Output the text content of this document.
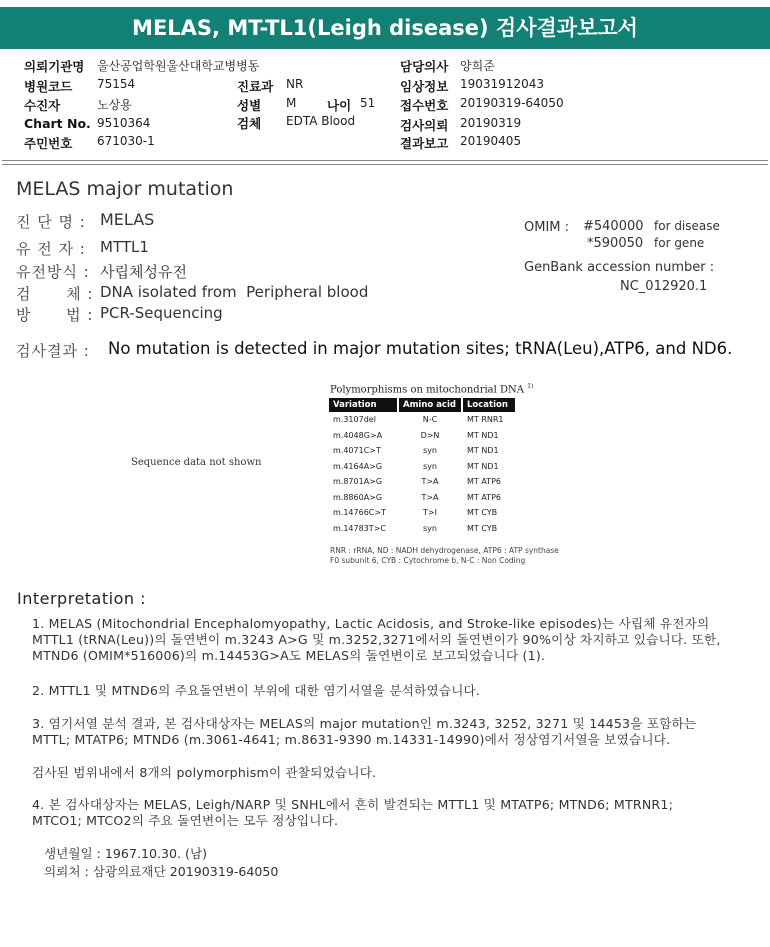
MELAS, MT-TL1(Leigh disease) 검사결과보고서
의뢰기관명 울산공업학원울산대학교병병동
병원코드 75154	진료과 NR
수진자	노상용	성별 M 나이 51
Chart No. 9510364	검체 EDTA Blood
주민번호 671030-1
담당의사 양희준
임상정보 19031912043
접수번호 20190319-64050
검사의뢰 20190319
결과보고 20190405
MELAS major mutation
진 단 명 : MELAS
유 전 자 : MTTL1
유전방식 : 사립체성유전
검      체 : DNA isolated from  Peripheral blood
방      법 : PCR-Sequencing
OMIM : #540000 for disease
*590050 for gene
GenBank accession number :
NC_012920.1
검사결과 : No mutation is detected in major mutation sites; tRNA(Leu),ATP6, and ND6.
Sequence data not shown
Polymorphisms on mitochondrial DNA $^{1)}$
Variation	Amino acid	Location
m.3107del	N-C	MT RNR1
m.4048G>A	D>N	MT ND1
m.4071C>T	syn	MT ND1
m.4164A>G	syn	MT ND1
m.8701A>G	T>A	MT ATP6
m.8860A>G	T>A	MT ATP6
m.14766C>T	T>I	MT CYB
m.14783T>C	syn	MT CYB
RNR : rRNA, ND : NADH dehydrogenase, ATP6 : ATP synthase F0 subunit 6, CYB : Cytochrome b, N-C : Non Coding
Interpretation :
1. MELAS (Mitochondrial Encephalomyopathy, Lactic Acidosis, and Stroke-like episodes)는 사립체 유전자의 MTTL1 (tRNA(Leu))의 돌연변이 m.3243 A>G 및 m.3252,3271에서의 돌연변이가 90%이상 차지하고 있습니다. 또한, MTND6 (OMIM*516006)의 m.14453G>A도 MELAS의 돌연변이로 보고되었습니다 (1).
2. MTTL1 및 MTND6의 주요돌연변이 부위에 대한 염기서열을 분석하였습니다.
3. 염기서열 분석 결과, 본 검사대상자는 MELAS의 major mutation인 m.3243, 3252, 3271 및 14453을 포함하는 MTTL; MTATP6; MTND6 (m.3061-4641; m.8631-9390 m.14331-14990)에서 정상염기서열을 보였습니다.
검사된 범위내에서 8개의 polymorphism이 관찰되었습니다.
4. 본 검사대상자는 MELAS, Leigh/NARP 및 SNHL에서 흔히 발견되는 MTTL1 및 MTATP6; MTND6; MTRNR1; MTCO1; MTCO2의 주요 돌연변이는 모두 정상입니다.
생년월일 : 1967.10.30. (남)
의뢰처 : 삼광의료재단 20190319-64050
